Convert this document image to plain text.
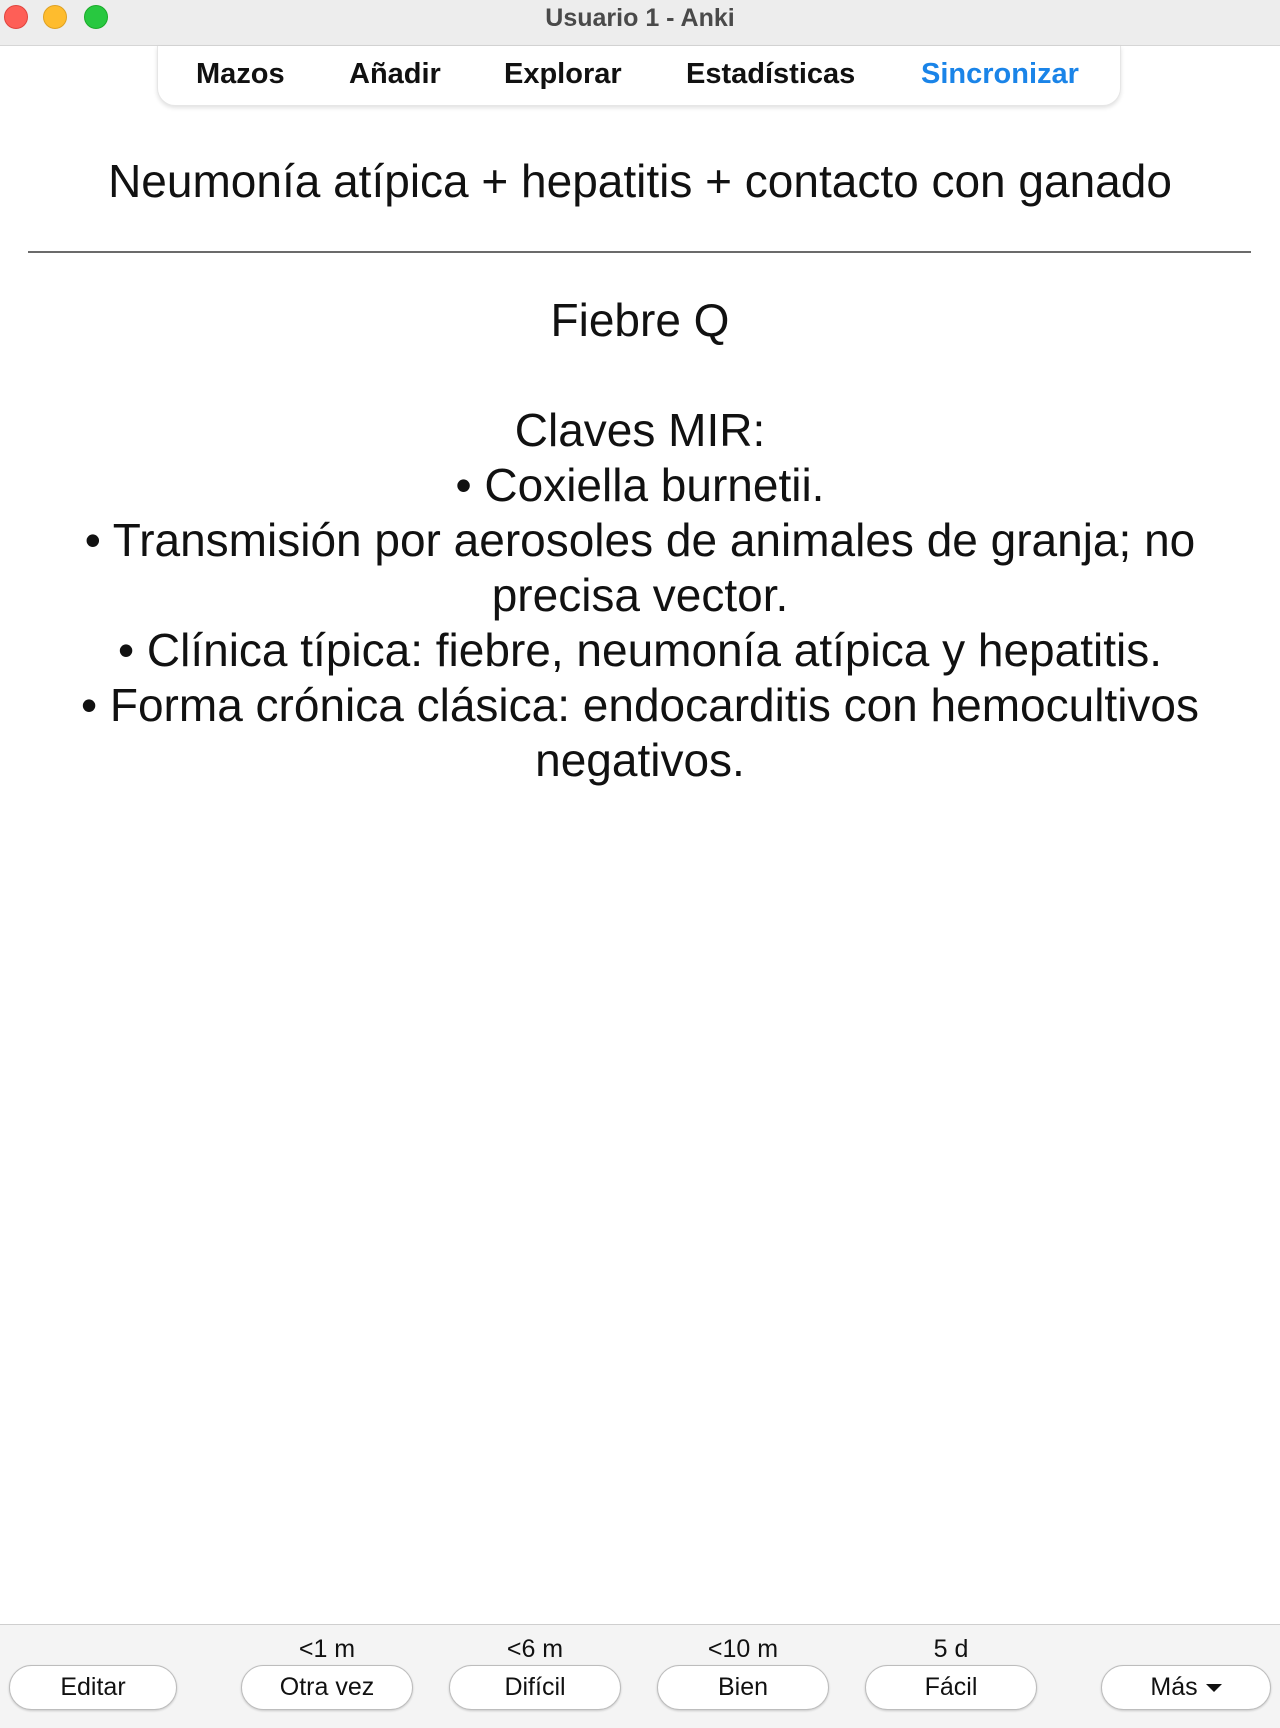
Usuario 1 - Anki
Mazos Añadir Explorar Estadísticas Sincronizar
Neumonía atípica + hepatitis + contacto con ganado
Fiebre Q
Claves MIR:
• Coxiella burnetii.
• Transmisión por aerosoles de animales de granja; no
precisa vector.
• Clínica típica: fiebre, neumonía atípica y hepatitis.
• Forma crónica clásica: endocarditis con hemocultivos
negativos.
Editar
<1 m
Otra vez
<6 m
Difícil
<10 m
Bien
5 d
Fácil	Más
